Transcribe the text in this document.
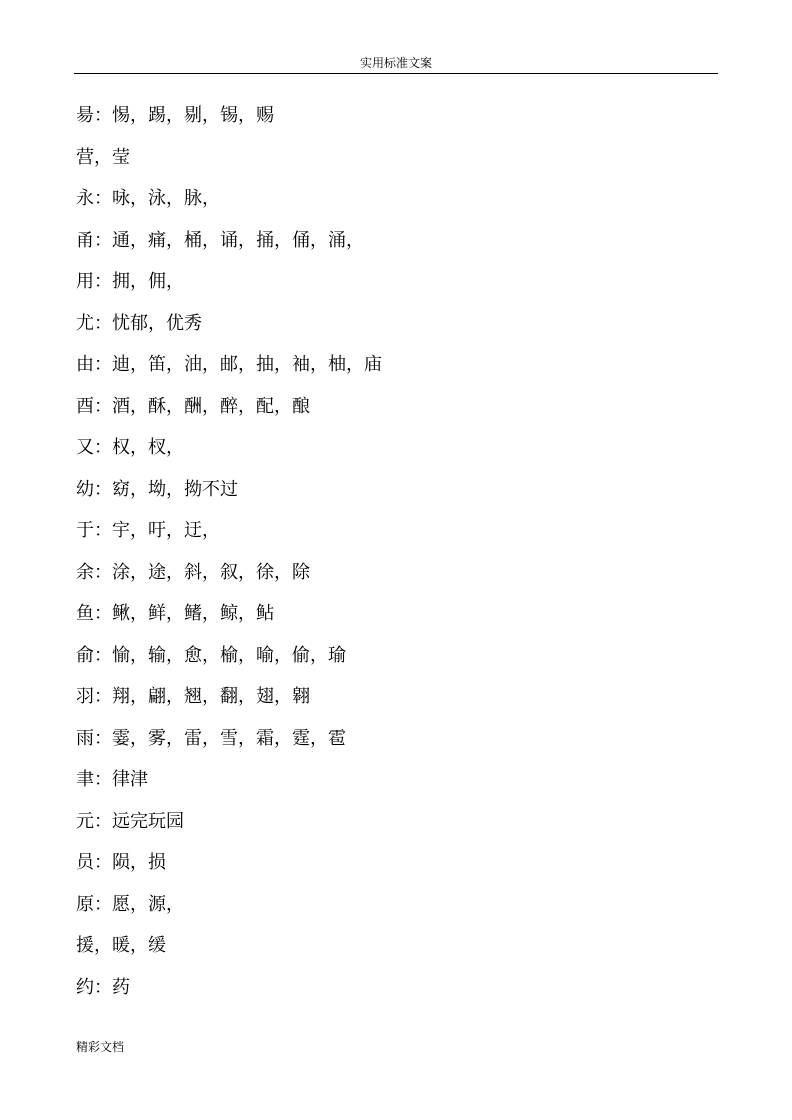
实用标准文案
昜：惕，踢，剔，锡，赐
营，莹
永：咏，泳，脉，
甬：通，痛，桶，诵，捅，俑，涌，
用：拥，佣，
尤：忧郁，优秀
由：迪，笛，油，邮，抽，袖，柚，庙
酉：酒，酥，酬，醉，配，酿
又：权，杈，
幼：窈，坳，拗不过
于：宇，吁，迂，
余：涂，途，斜，叙，徐，除
鱼：鳅，鲜，鳍，鲸，鲇
俞：愉，输，愈，榆，喻，偷，瑜
羽：翔，翩，翘，翻，翅，翱
雨：霎，雾，雷，雪，霜，霆，雹
聿：律津
元：远完玩园
员：陨，损
原：愿，源，
援，暖，缓
约：药
精彩文档
